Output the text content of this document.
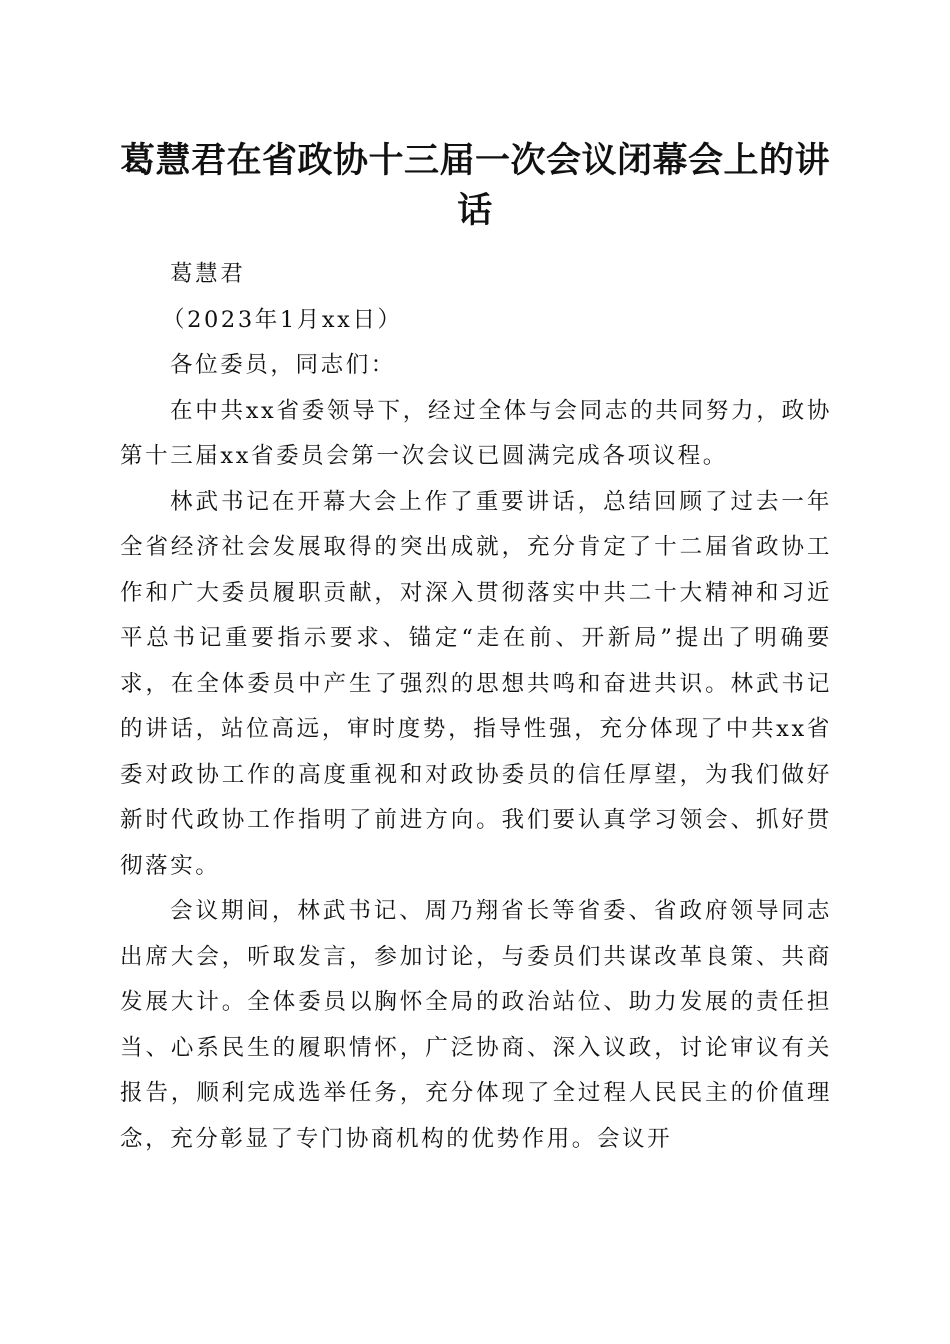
葛慧君在省政协十三届一次会议闭幕会上的讲话

葛慧君

（2023年1月xx日）

各位委员，同志们：

在中共xx省委领导下，经过全体与会同志的共同努力，政协第十三届xx省委员会第一次会议已圆满完成各项议程。

林武书记在开幕大会上作了重要讲话，总结回顾了过去一年全省经济社会发展取得的突出成就，充分肯定了十二届省政协工作和广大委员履职贡献，对深入贯彻落实中共二十大精神和习近平总书记重要指示要求、锚定“走在前、开新局”提出了明确要求，在全体委员中产生了强烈的思想共鸣和奋进共识。林武书记的讲话，站位高远，审时度势，指导性强，充分体现了中共xx省委对政协工作的高度重视和对政协委员的信任厚望，为我们做好新时代政协工作指明了前进方向。我们要认真学习领会、抓好贯彻落实。

会议期间，林武书记、周乃翔省长等省委、省政府领导同志出席大会，听取发言，参加讨论，与委员们共谋改革良策、共商发展大计。全体委员以胸怀全局的政治站位、助力发展的责任担当、心系民生的履职情怀，广泛协商、深入议政，讨论审议有关报告，顺利完成选举任务，充分体现了全过程人民民主的价值理念，充分彰显了专门协商机构的优势作用。会议开
